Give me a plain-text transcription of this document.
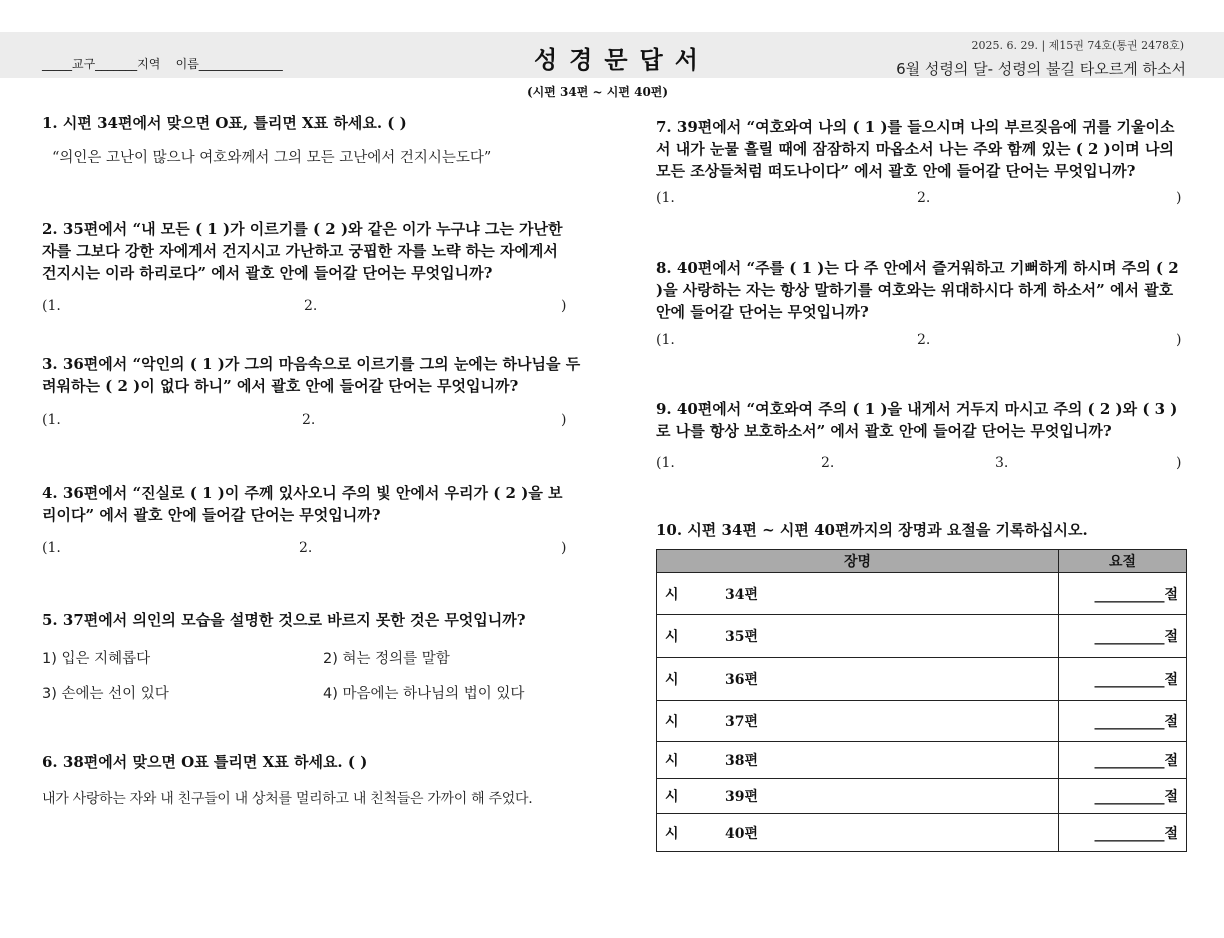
_____교구_______지역    이름______________	성경문답서	2025. 6. 29. | 제15권 74호(통권 2478호)
6월 성령의 달- 성령의 불길 타오르게 하소서
(시편 34편 ~ 시편 40편)
1. 시편 34편에서 맞으면 O표, 틀리면 X표 하세요. ( )
“의인은 고난이 많으나 여호와께서 그의 모든 고난에서 건지시는도다”
2. 35편에서 “내 모든 ( 1 )가 이르기를 ( 2 )와 같은 이가 누구냐 그는 가난한 자를 그보다 강한 자에게서 건지시고 가난하고 궁핍한 자를 노략 하는 자에게서 건지시는 이라 하리로다” 에서 괄호 안에 들어갈 단어는 무엇입니까?
(1.	2.	)
3. 36편에서 “악인의 ( 1 )가 그의 마음속으로 이르기를 그의 눈에는 하나님을 두려워하는 ( 2 )이 없다 하니” 에서 괄호 안에 들어갈 단어는 무엇입니까?
(1.	2.	)
4. 36편에서 “진실로 ( 1 )이 주께 있사오니 주의 빛 안에서 우리가 ( 2 )을 보리이다” 에서 괄호 안에 들어갈 단어는 무엇입니까?
(1.	2.	)
5. 37편에서 의인의 모습을 설명한 것으로 바르지 못한 것은 무엇입니까?
1) 입은 지혜롭다	2) 혀는 정의를 말함
3) 손에는 선이 있다	4) 마음에는 하나님의 법이 있다
6. 38편에서 맞으면 O표 틀리면 X표 하세요. ( )
내가 사랑하는 자와 내 친구들이 내 상처를 멀리하고 내 친척들은 가까이 해 주었다.
7. 39편에서 “여호와여 나의 ( 1 )를 들으시며 나의 부르짖음에 귀를 기울이소서 내가 눈물 흘릴 때에 잠잠하지 마옵소서 나는 주와 함께 있는 ( 2 )이며 나의 모든 조상들처럼 떠도나이다” 에서 괄호 안에 들어갈 단어는 무엇입니까?
(1.	2.	)
8. 40편에서 “주를 ( 1 )는 다 주 안에서 즐거워하고 기뻐하게 하시며 주의 ( 2 )을 사랑하는 자는 항상 말하기를 여호와는 위대하시다 하게 하소서” 에서 괄호 안에 들어갈 단어는 무엇입니까?
(1.	2.	)
9. 40편에서 “여호와여 주의 ( 1 )을 내게서 거두지 마시고 주의 ( 2 )와 ( 3 )로 나를 항상 보호하소서” 에서 괄호 안에 들어갈 단어는 무엇입니까?
(1.	2.	3.	)
10. 시편 34편 ~ 시편 40편까지의 장명과 요절을 기록하십시오.
장명	요절
시 34편	__________절
시 35편	__________절
시 36편	__________절
시 37편	__________절
시 38편	__________절
시 39편	__________절
시 40편	__________절
